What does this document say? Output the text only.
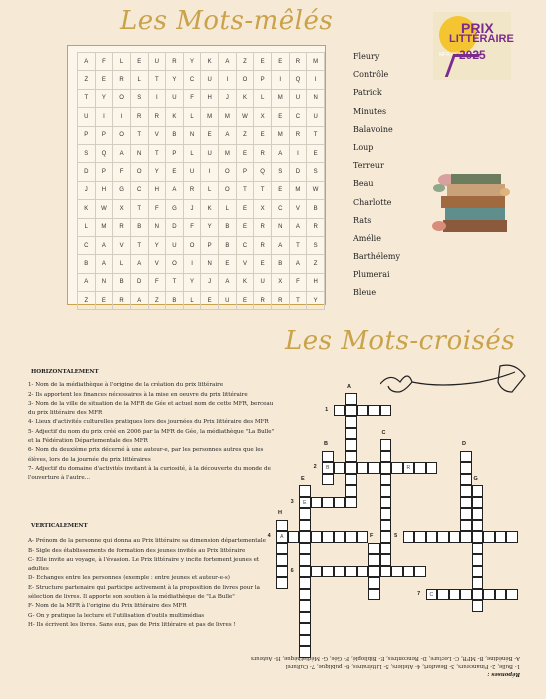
Les Mots-mêlés	PRIX
LITTÉRAIRE
2025
MFR GÉE
A	F	L	E	U	R	Y	K	A	Z	E	E	R	M
Z	E	R	L	T	Y	C	U	I	O	P	I	Q	I
T	Y	O	S	I	U	F	H	J	K	L	M	U	N
U	I	I	R	R	K	L	M	M	W	X	E	C	U
P	P	O	T	V	B	N	E	A	Z	E	M	R	T
S	Q	A	N	T	P	L	U	M	E	R	A	I	E
D	P	F	O	Y	E	U	I	O	P	Q	S	D	S
J	H	G	C	H	A	R	L	O	T	T	E	M	W
K	W	X	T	F	G	J	K	L	E	X	C	V	B
L	M	R	B	N	D	F	Y	B	E	R	N	A	R
C	A	V	T	Y	U	O	P	B	C	R	A	T	S
B	A	L	A	V	O	I	N	E	V	E	B	A	Z
A	N	B	D	F	T	Y	J	A	K	U	X	F	H
Z	E	R	A	Z	B	L	E	U	E	R	R	T	Y
Fleury
Contrôle
Patrick
Minutes
Balavoine
Loup
Terreur
Beau
Charlotte
Rats
Amélie
Barthélemy
Plumerai
Bleue
Les Mots-croisés
HORIZONTALEMENT
1- Nom de la médiathèque à l'origine de la création du prix littéraire
2- Ils apportent les finances nécessaires à la mise en oeuvre du prix littéraire
3- Nom de la ville de situation de la MFR de Gée et actuel nom de cette MFR, berceau du prix littéraire des MFR
4- Lieux d'activités culturelles pratiques lors des journées du Prix littéraire des MFR
5- Adjectif du nom du prix créé en 2006 par la MFR de Gée, la médiathèque "La Bulle" et la Fédération Départementale des MFR
6- Nom du deuxième prix décerné à une auteur-e, par les personnes autres que les élèves, lors de la journée du prix littéraires
7- Adjectif du domaine d'activités invitant à la curiosité, à la découverte du monde de l'ouverture à l'autre...
VERTICALEMENT
A- Prénom de la personne qui donna au Prix littéraire sa dimension départementale
B- Sigle des établissements de formation des jeunes invités au Prix littéraire
C- Elle invite au voyage, à l'évasion. Le Prix littéraire y incite fortement jeunes et adultes
D- Echanges entre les personnes (exemple : entre jeunes et auteur-e-s)
E- Structure partenaire qui participe activement à la proposition de livres pour la sélection de livres. Il apporte son soutien à la médiathèque de "La Bulle"
F- Nom de la MFR à l'origine du Prix littéraire des MFR
G- On y pratique la lecture et l'utilisation d'outils multimédias
H- Ils écrivent les livres. Sans eux, pas de Prix littéraire et pas de livres !
B	R
E
A
C
A
1
B
2
C
3
D
G
E
4
H
5
F
6
7
Réponses :
1- Bulle, 2- Financeurs, 3- Beaufort, 4- Ateliers, 5- Littéraires, 6- publique, 7- Culturel
A- Bénédine, B- MFR, C- Lecture, D- Rencontres, E- Biblioplé, F- Gée, G- Médiathèque, H- Auteurs
